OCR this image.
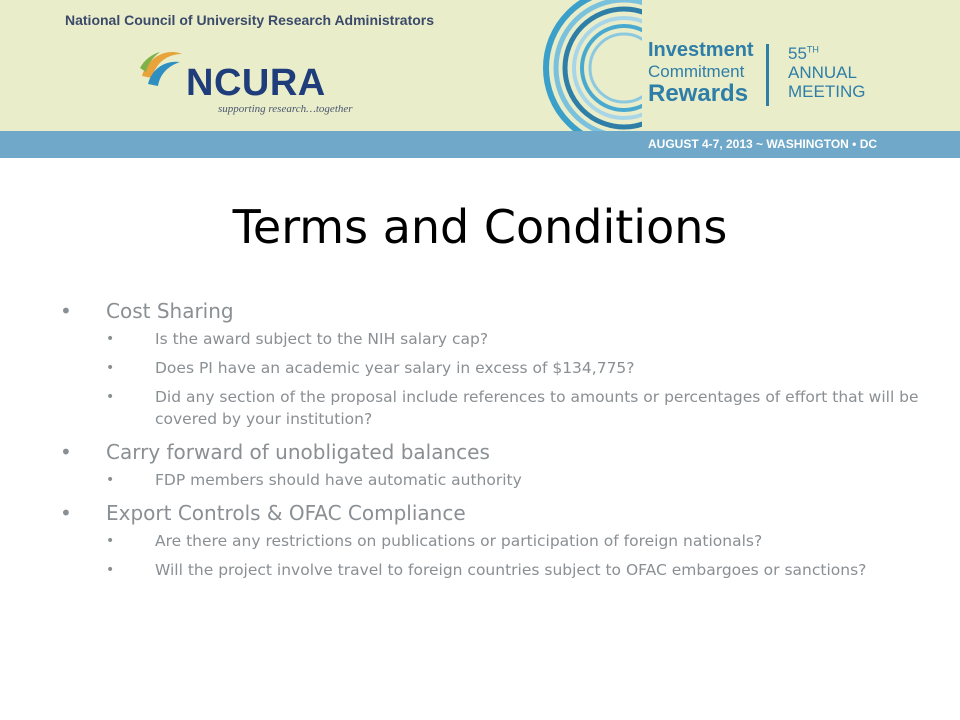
National Council of University Research Administrators
NCURA
supporting research…together
Investment
Commitment
Rewards
55TH
ANNUAL
MEETING
AUGUST 4-7, 2013 ~ WASHINGTON • DC
Terms and Conditions
• Cost Sharing
•	Is the award subject to the NIH salary cap?
•	Does PI have an academic year salary in excess of $134,775?
•	Did any section of the proposal include references to amounts or percentages of effort that will be covered by your institution?
• Carry forward of unobligated balances
•	FDP members should have automatic authority
• Export Controls & OFAC Compliance
•	Are there any restrictions on publications or participation of foreign nationals?
•	Will the project involve travel to foreign countries subject to OFAC embargoes or sanctions?
